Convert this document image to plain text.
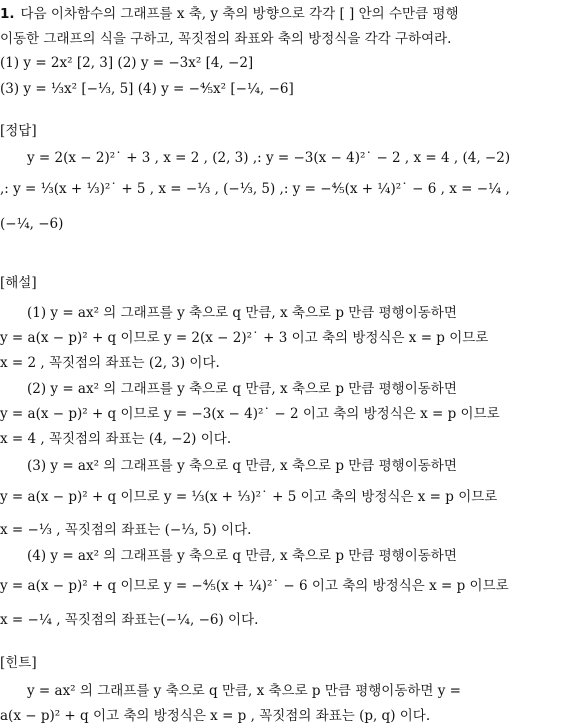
1. 다음 이차함수의 그래프를 x 축, y 축의 방향으로 각각 [ ] 안의 수만큼 평행
이동한 그래프의 식을 구하고, 꼭짓점의 좌표와 축의 방정식을 각각 구하여라.
(1) y = 2x² [2, 3] (2) y = −3x² [4, −2]
(3) y = ⅓x² [−⅓, 5] (4) y = −⅘x² [−¼, −6]
[정답]
y = 2(x − 2)²˙ + 3 , x = 2 , (2, 3) ,: y = −3(x − 4)²˙ − 2 , x = 4 , (4, −2)
,: y = ⅓(x + ⅓)²˙ + 5 , x = −⅓ , (−⅓, 5) ,: y = −⅘(x + ¼)²˙ − 6 , x = −¼ ,
(−¼, −6)
[해설]
(1) y = ax² 의 그래프를 y 축으로 q 만큼, x 축으로 p 만큼 평행이동하면
y = a(x − p)² + q 이므로 y = 2(x − 2)²˙ + 3 이고 축의 방정식은 x = p 이므로
x = 2 , 꼭짓점의 좌표는 (2, 3) 이다.
(2) y = ax² 의 그래프를 y 축으로 q 만큼, x 축으로 p 만큼 평행이동하면
y = a(x − p)² + q 이므로 y = −3(x − 4)²˙ − 2 이고 축의 방정식은 x = p 이므로
x = 4 , 꼭짓점의 좌표는 (4, −2) 이다.
(3) y = ax² 의 그래프를 y 축으로 q 만큼, x 축으로 p 만큼 평행이동하면
y = a(x − p)² + q 이므로 y = ⅓(x + ⅓)²˙ + 5 이고 축의 방정식은 x = p 이므로
x = −⅓ , 꼭짓점의 좌표는 (−⅓, 5) 이다.
(4) y = ax² 의 그래프를 y 축으로 q 만큼, x 축으로 p 만큼 평행이동하면
y = a(x − p)² + q 이므로 y = −⅘(x + ¼)²˙ − 6 이고 축의 방정식은 x = p 이므로
x = −¼ , 꼭짓점의 좌표는(−¼, −6) 이다.
[힌트]
y = ax² 의 그래프를 y 축으로 q 만큼, x 축으로 p 만큼 평행이동하면 y =
a(x − p)² + q 이고 축의 방정식은 x = p , 꼭짓점의 좌표는 (p, q) 이다.
